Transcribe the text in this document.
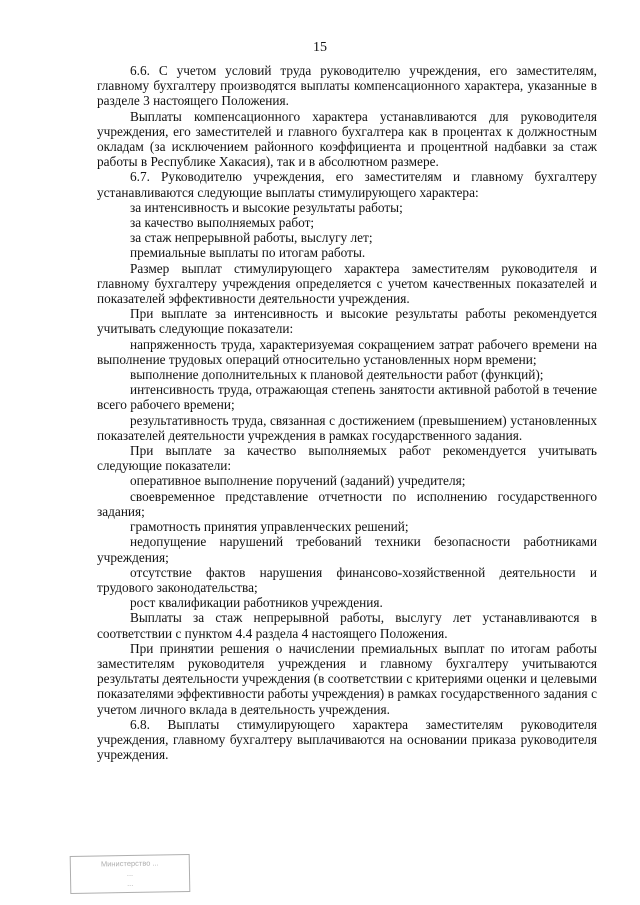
15

6.6. С учетом условий труда руководителю учреждения, его заместителям, главному бухгалтеру производятся выплаты компенсационного характера, указанные в разделе 3 настоящего Положения.

Выплаты компенсационного характера устанавливаются для руководителя учреждения, его заместителей и главного бухгалтера как в процентах к должностным окладам (за исключением районного коэффициента и процентной надбавки за стаж работы в Республике Хакасия), так и в абсолютном размере.

6.7. Руководителю учреждения, его заместителям и главному бухгалтеру устанавливаются следующие выплаты стимулирующего характера:

за интенсивность и высокие результаты работы;

за качество выполняемых работ;

за стаж непрерывной работы, выслугу лет;

премиальные выплаты по итогам работы.

Размер выплат стимулирующего характера заместителям руководителя и главному бухгалтеру учреждения определяется с учетом качественных показателей и показателей эффективности деятельности учреждения.

При выплате за интенсивность и высокие результаты работы рекомендуется учитывать следующие показатели:

напряженность труда, характеризуемая сокращением затрат рабочего времени на выполнение трудовых операций относительно установленных норм времени;

выполнение дополнительных к плановой деятельности работ (функций);

интенсивность труда, отражающая степень занятости активной работой в течение всего рабочего времени;

результативность труда, связанная с достижением (превышением) установленных показателей деятельности учреждения в рамках государственного задания.

При выплате за качество выполняемых работ рекомендуется учитывать следующие показатели:

оперативное выполнение поручений (заданий) учредителя;

своевременное представление отчетности по исполнению государственного задания;

грамотность принятия управленческих решений;

недопущение нарушений требований техники безопасности работниками учреждения;

отсутствие фактов нарушения финансово-хозяйственной деятельности и трудового законодательства;

рост квалификации работников учреждения.

Выплаты за стаж непрерывной работы, выслугу лет устанавливаются в соответствии с пунктом 4.4 раздела 4 настоящего Положения.

При принятии решения о начислении премиальных выплат по итогам работы заместителям руководителя учреждения и главному бухгалтеру учитываются результаты деятельности учреждения (в соответствии с критериями оценки и целевыми показателями эффективности работы учреждения) в рамках государственного задания с учетом личного вклада в деятельность учреждения.

6.8. Выплаты стимулирующего характера заместителям руководителя учреждения, главному бухгалтеру выплачиваются на основании приказа руководителя учреждения.

Министерство ...
...
...
